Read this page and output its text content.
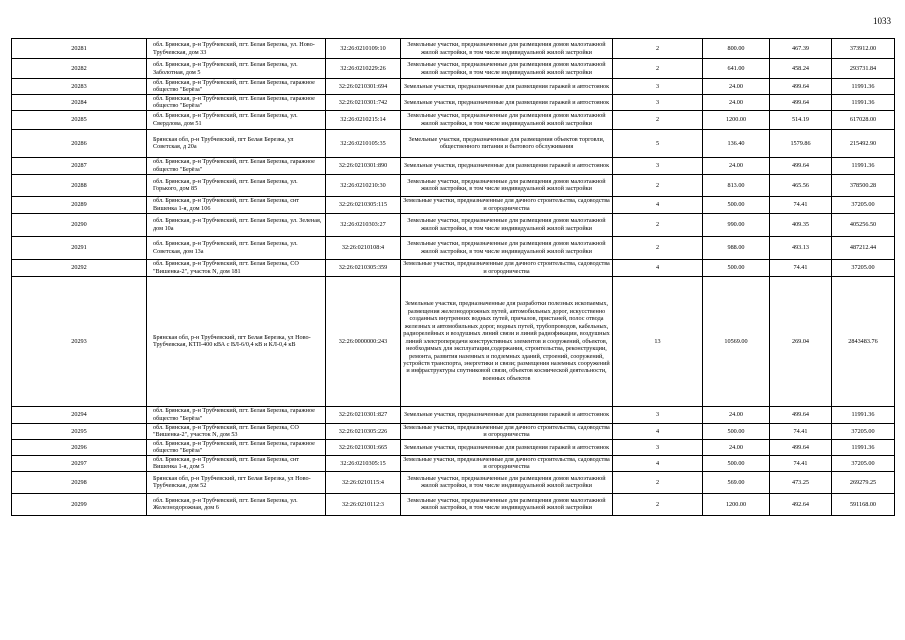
1033
20281	обл. Брянская, р-н Трубчевский, пгт. Белая Березка, ул. Ново-Трубчевская, дом 33	32:26:0210109:10	Земельные участки, предназначенные для размещения домов малоэтажной жилой застройки, в том числе индивидуальной жилой застройки	2	800.00	467.39	373912.00
20282	обл. Брянская, р-н Трубчевский, пгт. Белая Березка, ул. Заболотная, дом 5	32:26:0210229:26	Земельные участки, предназначенные для размещения домов малоэтажной жилой застройки, в том числе индивидуальной жилой застройки	2	641.00	458.24	293731.84
20283	обл. Брянская, р-н Трубчевский, пгт. Белая Березка, гаражное общество "Берёза"	32:26:0210301:694	Земельные участки, предназначенные для размещения гаражей и автостоянок	3	24.00	499.64	11991.36
20284	обл. Брянская, р-н Трубчевский, пгт. Белая Березка, гаражное общество "Берёза"	32:26:0210301:742	Земельные участки, предназначенные для размещения гаражей и автостоянок	3	24.00	499.64	11991.36
20285	обл. Брянская, р-н Трубчевский, пгт. Белая Березка, ул. Свердлова, дом 51	32:26:0210215:14	Земельные участки, предназначенные для размещения домов малоэтажной жилой застройки, в том числе индивидуальной жилой застройки	2	1200.00	514.19	617028.00
20286	Брянская обл, р-н Трубчевский, пгт Белая Березка, ул Советская, д 20а	32:26:0210105:35	Земельные участки, предназначенные для размещения объектов торговли, общественного питания и бытового обслуживания	5	136.40	1579.86	215492.90
20287	обл. Брянская, р-н Трубчевский, пгт. Белая Березка, гаражное общество "Берёза"	32:26:0210301:890	Земельные участки, предназначенные для размещения гаражей и автостоянок	3	24.00	499.64	11991.36
20288	обл. Брянская, р-н Трубчевский, пгт. Белая Березка, ул. Горького, дом 85	32:26:0210210:30	Земельные участки, предназначенные для размещения домов малоэтажной жилой застройки, в том числе индивидуальной жилой застройки	2	813.00	465.56	378500.28
20289	обл. Брянская, р-н Трубчевский, пгт. Белая Березка, снт Вишенка 1-я, дом 106	32:26:0210305:115	Земельные участки, предназначенные для дачного строительства, садоводства и огородничества	4	500.00	74.41	37205.00
20290	обл. Брянская, р-н Трубчевский, пгт. Белая Березка, ул. Зеленая, дом 10а	32:26:0210303:27	Земельные участки, предназначенные для размещения домов малоэтажной жилой застройки, в том числе индивидуальной жилой застройки	2	990.00	409.35	405256.50
20291	обл. Брянская, р-н Трубчевский, пгт. Белая Березка, ул. Советская, дом 13а	32:26:0210108:4	Земельные участки, предназначенные для размещения домов малоэтажной жилой застройки, в том числе индивидуальной жилой застройки	2	988.00	493.13	487212.44
20292	обл. Брянская, р-н Трубчевский, пгт. Белая Березка, СО "Вишенка-2", участок N, дом 181	32:26:0210305:359	Земельные участки, предназначенные для дачного строительства, садоводства и огородничества	4	500.00	74.41	37205.00
20293	Брянская обл, р-н Трубчевский, пгт Белая Березка, ул Ново-Трубчевская, КТП-400 кВА с ВЛ-6/0,4 кВ и КЛ-0,4 кВ	32:26:0000000:243	Земельные участки, предназначенные для разработки полезных ископаемых, размещения железнодорожных путей, автомобильных дорог, искусственно созданных внутренних водных путей, причалов, пристаней, полос отвода железных и автомобильных дорог, водных путей, трубопроводов, кабельных, радиорелейных и воздушных линий связи и линий радиофикации, воздушных линий электропередачи конструктивных элементов и сооружений, объектов, необходимых для эксплуатации,содержания, строительства, реконструкции, ремонта, развития наземных и подземных зданий, строений, сооружений, устройств транспорта, энергетики и связи; размещения наземных сооружений и инфраструктуры спутниковой связи, объектов космической деятельности, военных объектов	13	10569.00	269.04	2843483.76
20294	обл. Брянская, р-н Трубчевский, пгт. Белая Березка, гаражное общество "Берёза"	32:26:0210301:827	Земельные участки, предназначенные для размещения гаражей и автостоянок	3	24.00	499.64	11991.36
20295	обл. Брянская, р-н Трубчевский, пгт. Белая Березка, СО "Вишенка-2", участок N, дом 53	32:26:0210305:226	Земельные участки, предназначенные для дачного строительства, садоводства и огородничества	4	500.00	74.41	37205.00
20296	обл. Брянская, р-н Трубчевский, пгт. Белая Березка, гаражное общество "Берёза"	32:26:0210301:665	Земельные участки, предназначенные для размещения гаражей и автостоянок	3	24.00	499.64	11991.36
20297	обл. Брянская, р-н Трубчевский, пгт. Белая Березка, снт Вишенка 1-я, дом 5	32:26:0210305:15	Земельные участки, предназначенные для дачного строительства, садоводства и огородничества	4	500.00	74.41	37205.00
20298	Брянская обл, р-н Трубчевский, пгт Белая Березка, ул Ново-Трубчевская, дом 52	32:26:0210115:4	Земельные участки, предназначенные для размещения домов малоэтажной жилой застройки, в том числе индивидуальной жилой застройки	2	569.00	473.25	269279.25
20299	обл. Брянская, р-н Трубчевский, пгт. Белая Березка, ул. Железнодорожная, дом 6	32:26:0210112:3	Земельные участки, предназначенные для размещения домов малоэтажной жилой застройки, в том числе индивидуальной жилой застройки	2	1200.00	492.64	591168.00
